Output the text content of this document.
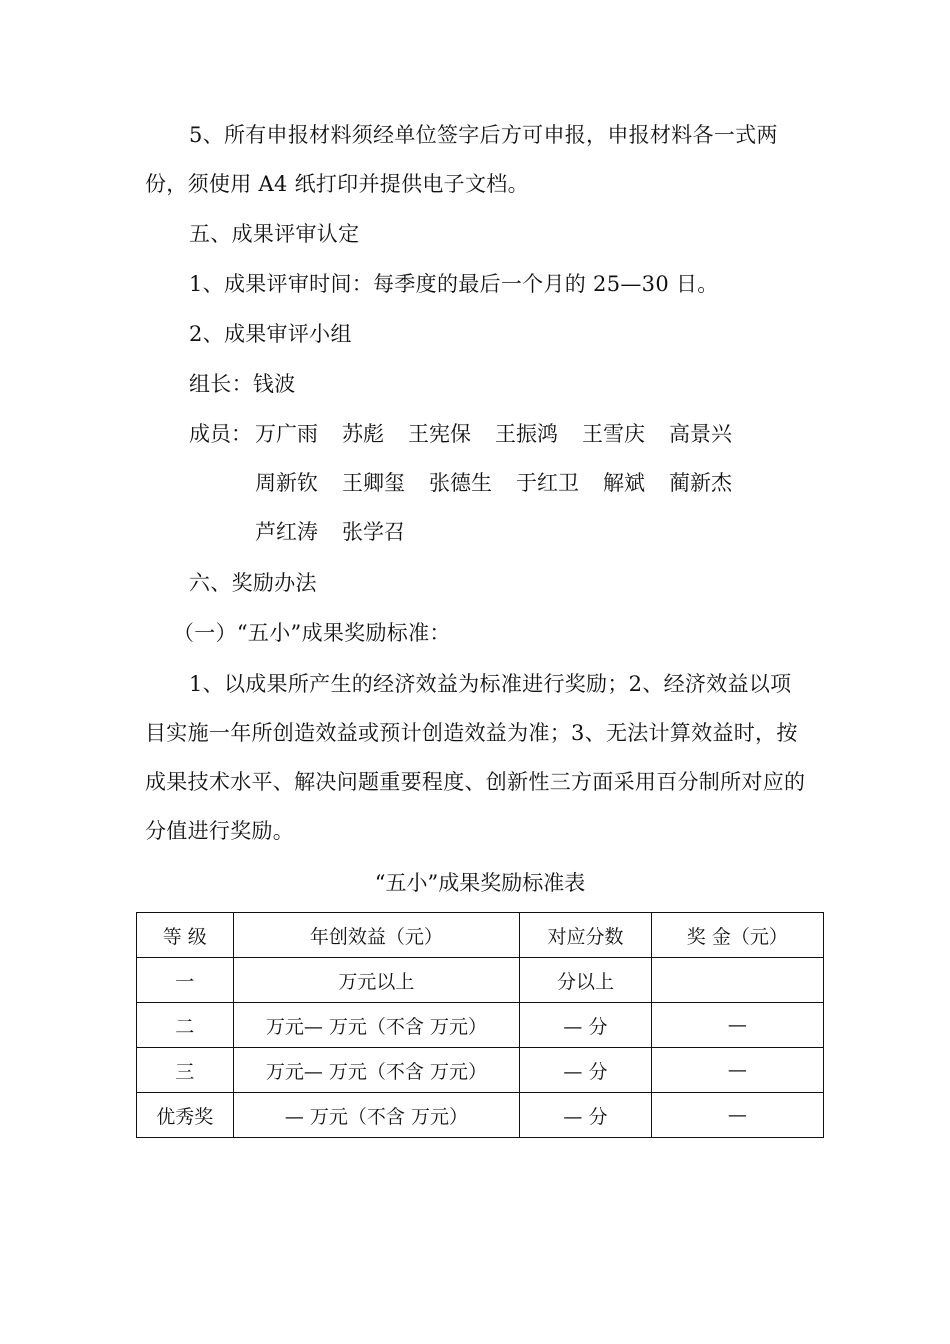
5、所有申报材料须经单位签字后方可申报，申报材料各一式两
份，须使用 A4 纸打印并提供电子文档。
五、成果评审认定
1、成果评审时间：每季度的最后一个月的 25—30 日。
2、成果审评小组
组长：钱波
成员： 万广雨 苏彪 王宪保 王振鸿 王雪庆 高景兴
周新钦 王卿玺 张德生 于红卫 解斌 蔺新杰
芦红涛 张学召
六、奖励办法
（一）“五小”成果奖励标准：
1、以成果所产生的经济效益为标准进行奖励；2、经济效益以项目实施一年所创造效益或预计创造效益为准；3、无法计算效益时，按成果技术水平、解决问题重要程度、创新性三方面采用百分制所对应的分值进行奖励。
“五小”成果奖励标准表
等 级	年创效益（元）	对应分数	奖 金（元）
一	万元以上	分以上	
二	万元— 万元（不含 万元）	— 分	—
三	万元— 万元（不含 万元）	— 分	—
优秀奖	— 万元（不含 万元）	— 分	—
